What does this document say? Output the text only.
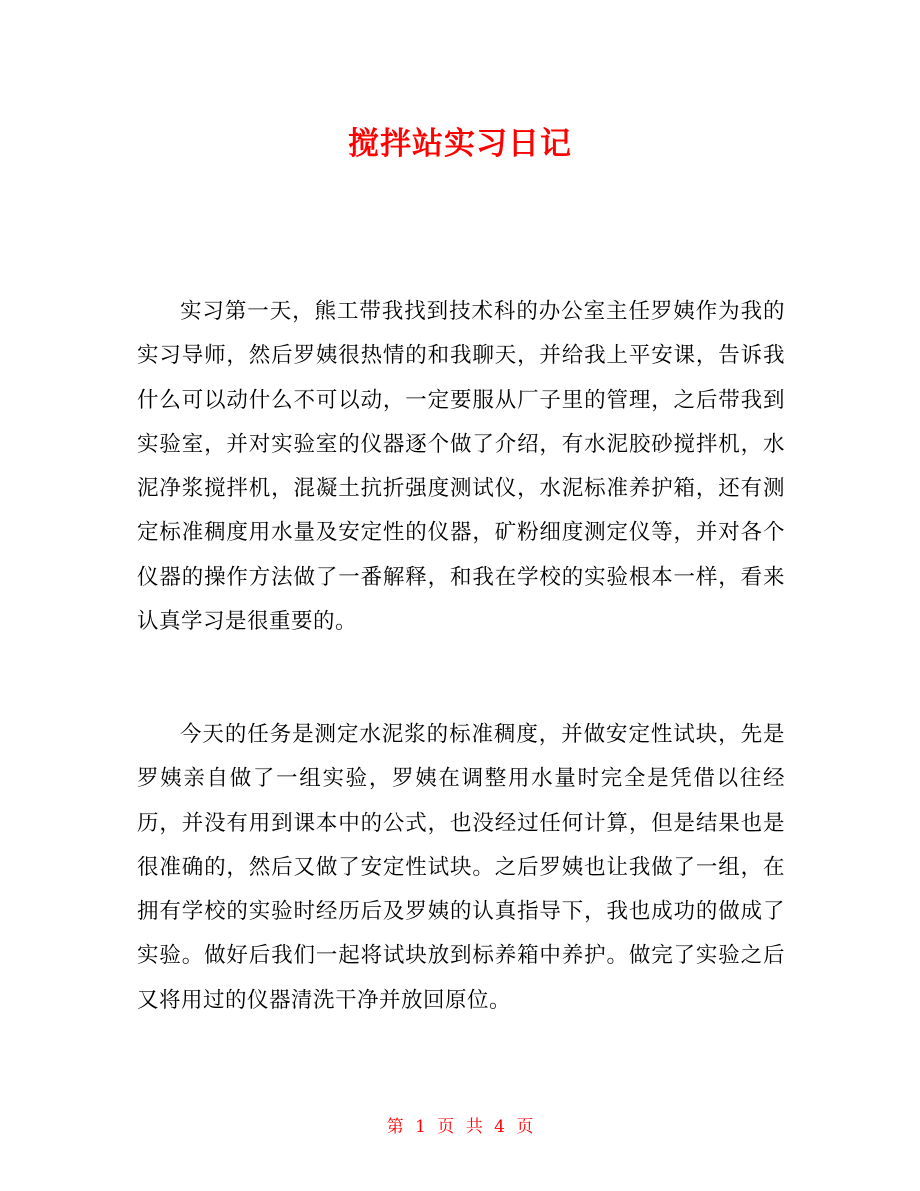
搅拌站实习日记

实习第一天，熊工带我找到技术科的办公室主任罗姨作为我的实习导师，然后罗姨很热情的和我聊天，并给我上平安课，告诉我什么可以动什么不可以动，一定要服从厂子里的管理，之后带我到实验室，并对实验室的仪器逐个做了介绍，有水泥胶砂搅拌机，水泥净浆搅拌机，混凝土抗折强度测试仪，水泥标准养护箱，还有测定标准稠度用水量及安定性的仪器，矿粉细度测定仪等，并对各个仪器的操作方法做了一番解释，和我在学校的实验根本一样，看来认真学习是很重要的。

今天的任务是测定水泥浆的标准稠度，并做安定性试块，先是罗姨亲自做了一组实验，罗姨在调整用水量时完全是凭借以往经历，并没有用到课本中的公式，也没经过任何计算，但是结果也是很准确的，然后又做了安定性试块。之后罗姨也让我做了一组，在拥有学校的实验时经历后及罗姨的认真指导下，我也成功的做成了实验。做好后我们一起将试块放到标养箱中养护。做完了实验之后又将用过的仪器清洗干净并放回原位。

第 1 页 共 4 页
